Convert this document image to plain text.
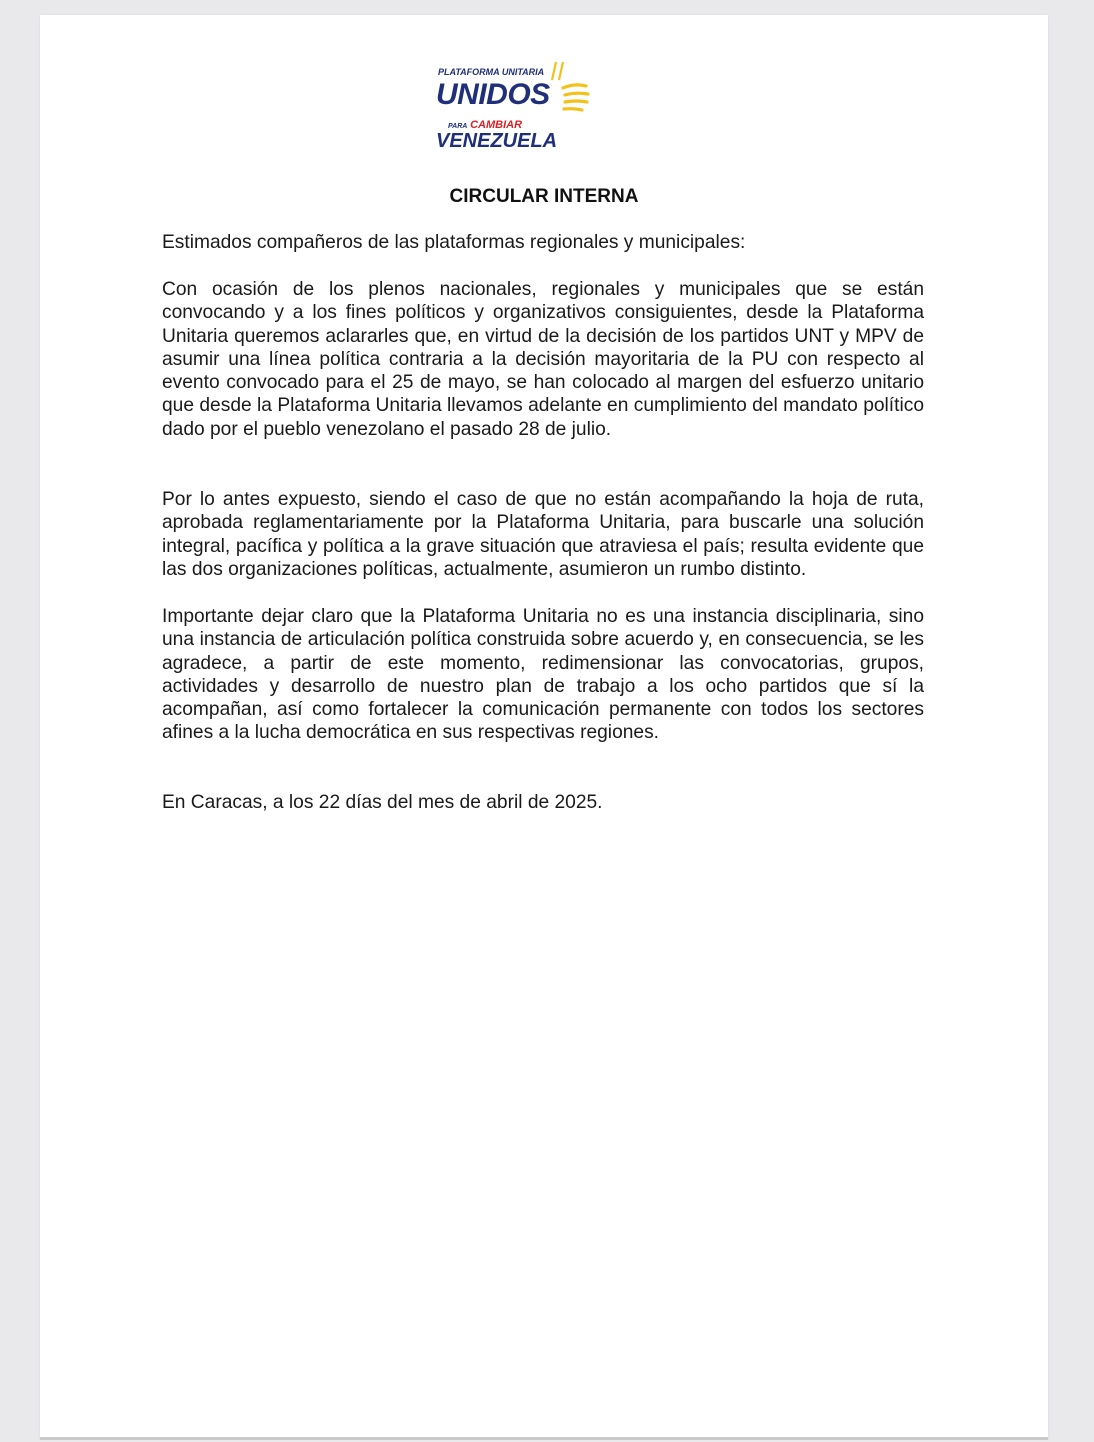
PLATAFORMA UNITARIA
UNIDOS
PARA CAMBIAR
VENEZUELA
CIRCULAR INTERNA

Estimados compañeros de las plataformas regionales y municipales:

Con ocasión de los plenos nacionales, regionales y municipales que se están convocando y a los fines políticos y organizativos consiguientes, desde la Plataforma Unitaria queremos aclararles que, en virtud de la decisión de los partidos UNT y MPV de asumir una línea política contraria a la decisión mayoritaria de la PU con respecto al evento convocado para el 25 de mayo, se han colocado al margen del esfuerzo unitario que desde la Plataforma Unitaria llevamos adelante en cumplimiento del mandato político dado por el pueblo venezolano el pasado 28 de julio.

Por lo antes expuesto, siendo el caso de que no están acompañando la hoja de ruta, aprobada reglamentariamente por la Plataforma Unitaria, para buscarle una solución integral, pacífica y política a la grave situación que atraviesa el país; resulta evidente que las dos organizaciones políticas, actualmente, asumieron un rumbo distinto.

Importante dejar claro que la Plataforma Unitaria no es una instancia disciplinaria, sino una instancia de articulación política construida sobre acuerdo y, en consecuencia, se les agradece, a partir de este momento, redimensionar las convocatorias, grupos, actividades y desarrollo de nuestro plan de trabajo a los ocho partidos que sí la acompañan, así como fortalecer la comunicación permanente con todos los sectores afines a la lucha democrática en sus respectivas regiones.

En Caracas, a los 22 días del mes de abril de 2025.
